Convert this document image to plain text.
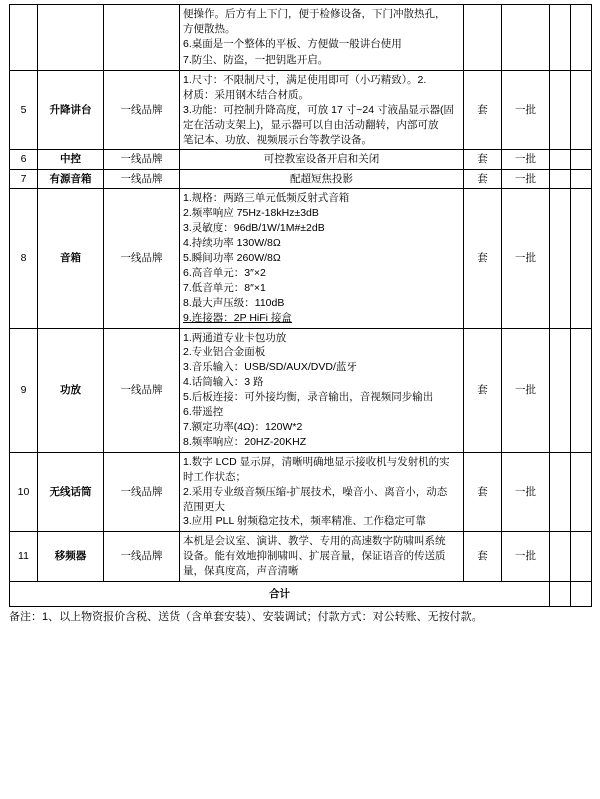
			便操作。后方有上下门，便于检修设备，下门冲散热孔，

方便散热。

6.桌面是一个整体的平板、方便做一般讲台使用

7.防尘、防盗，一把钥匙开启。				

5	升降讲台	一线品牌	1.尺寸：不限制尺寸，满足使用即可（小巧精致）。2.

材质：采用钢木结合材质。

3.功能：可控制升降高度，可放 17 寸~24 寸液晶显示器(固

定在活动支架上)，显示器可以自由活动翻转，内部可放

笔记本、功放、视频展示台等教学设备。	套	一批		
6	中控	一线品牌	可控教室设备开启和关闭	套	一批		
7	有源音箱	一线品牌	配超短焦投影	套	一批		
8	音箱	一线品牌	

1.规格：两路三单元低频反射式音箱

2.频率响应 75Hz-18kHz±3dB

3.灵敏度：96dB/1W/1M#±2dB

4.持续功率 130W/8Ω

5.瞬间功率 260W/8Ω

6.高音单元：3″×2

7.低音单元：8″×1

8.最大声压级：110dB

9.连接器：2P HiFi 接盒

	套	一批		
9	功放	一线品牌	

1.两通道专业卡包功放

2.专业铝合金面板

3.音乐输入：USB/SD/AUX/DVD/蓝牙

4.话筒输入：3 路

5.后板连接：可外接均衡，录音输出，音视频同步输出

6.带遥控

7.额定功率(4Ω)：120W*2

8.频率响应：20HZ-20KHZ

	套	一批		
10	无线话筒	一线品牌	1.数字 LCD 显示屏，清晰明确地显示接收机与发射机的实

时工作状态；

2.采用专业级音频压缩-扩展技术，噪音小、离音小，动态

范围更大

3.应用 PLL 射频稳定技术，频率精准、工作稳定可靠	套	一批		
11	移频器	一线品牌	本机是会议室、演讲、教学、专用的高速数字防啸叫系统

设备。能有效地抑制啸叫、扩展音量，保证语音的传送质

量，保真度高，声音清晰	套	一批		
合计							
备注：1、以上物资报价含税、送货（含单套安装）、安装调试；付款方式：对公转账、无按付款。
